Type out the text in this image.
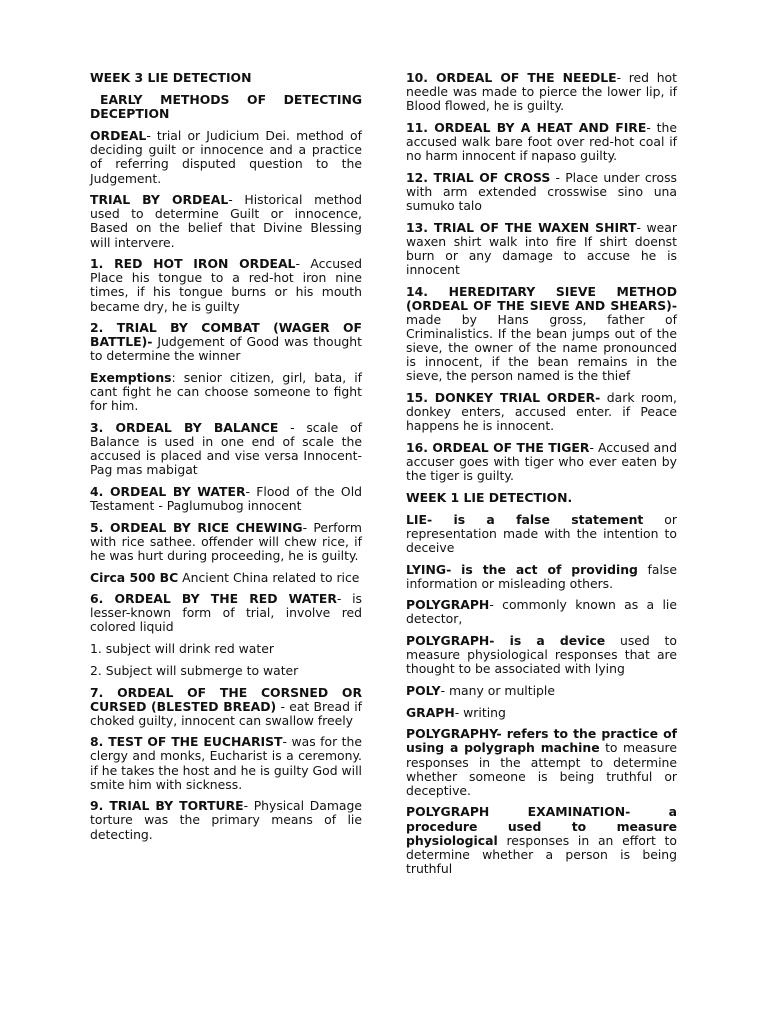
WEEK 3 LIE DETECTION

EARLY METHODS OF DETECTING DECEPTION

ORDEAL- trial or Judicium Dei. method of deciding guilt or innocence and a practice of referring disputed question to the Judgement.

TRIAL BY ORDEAL- Historical method used to determine Guilt or innocence, Based on the belief that Divine Blessing will intervere.

1. RED HOT IRON ORDEAL- Accused Place his tongue to a red-hot iron nine times, if his tongue burns or his mouth became dry, he is guilty

2. TRIAL BY COMBAT (WAGER OF BATTLE)- Judgement of Good was thought to determine the winner

Exemptions: senior citizen, girl, bata, if cant fight he can choose someone to fight for him.

3. ORDEAL BY BALANCE - scale of Balance is used in one end of scale the accused is placed and vise versa Innocent-Pag mas mabigat

4. ORDEAL BY WATER- Flood of the Old Testament - Paglumubog innocent

5. ORDEAL BY RICE CHEWING- Perform with rice sathee. offender will chew rice, if he was hurt during proceeding, he is guilty.

Circa 500 BC Ancient China related to rice

6. ORDEAL BY THE RED WATER- is lesser-known form of trial, involve red colored liquid

1. subject will drink red water

2. Subject will submerge to water

7. ORDEAL OF THE CORSNED OR CURSED (BLESTED BREAD) - eat Bread if choked guilty, innocent can swallow freely

8. TEST OF THE EUCHARIST- was for the clergy and monks, Eucharist is a ceremony. if he takes the host and he is guilty God will smite him with sickness.

9. TRIAL BY TORTURE- Physical Damage torture was the primary means of lie detecting.

10. ORDEAL OF THE NEEDLE- red hot needle was made to pierce the lower lip, if Blood flowed, he is guilty.

11. ORDEAL BY A HEAT AND FIRE- the accused walk bare foot over red-hot coal if no harm innocent if napaso guilty.

12. TRIAL OF CROSS - Place under cross with arm extended crosswise sino una sumuko talo

13. TRIAL OF THE WAXEN SHIRT- wear waxen shirt walk into fire If shirt doenst burn or any damage to accuse he is innocent

14. HEREDITARY SIEVE METHOD (ORDEAL OF THE SIEVE AND SHEARS)- made by Hans gross, father of Criminalistics. If the bean jumps out of the sieve, the owner of the name pronounced is innocent, if the bean remains in the sieve, the person named is the thief

15. DONKEY TRIAL ORDER- dark room, donkey enters, accused enter. if Peace happens he is innocent.

16. ORDEAL OF THE TIGER- Accused and accuser goes with tiger who ever eaten by the tiger is guilty.

WEEK 1 LIE DETECTION.

LIE- is a false statement or representation made with the intention to deceive

LYING- is the act of providing false information or misleading others.

POLYGRAPH- commonly known as a lie detector,

POLYGRAPH- is a device used to measure physiological responses that are thought to be associated with lying

POLY- many or multiple

GRAPH- writing

POLYGRAPHY- refers to the practice of using a polygraph machine to measure responses in the attempt to determine whether someone is being truthful or deceptive.

POLYGRAPH EXAMINATION- a procedure used to measure physiological responses in an effort to determine whether a person is being truthful
